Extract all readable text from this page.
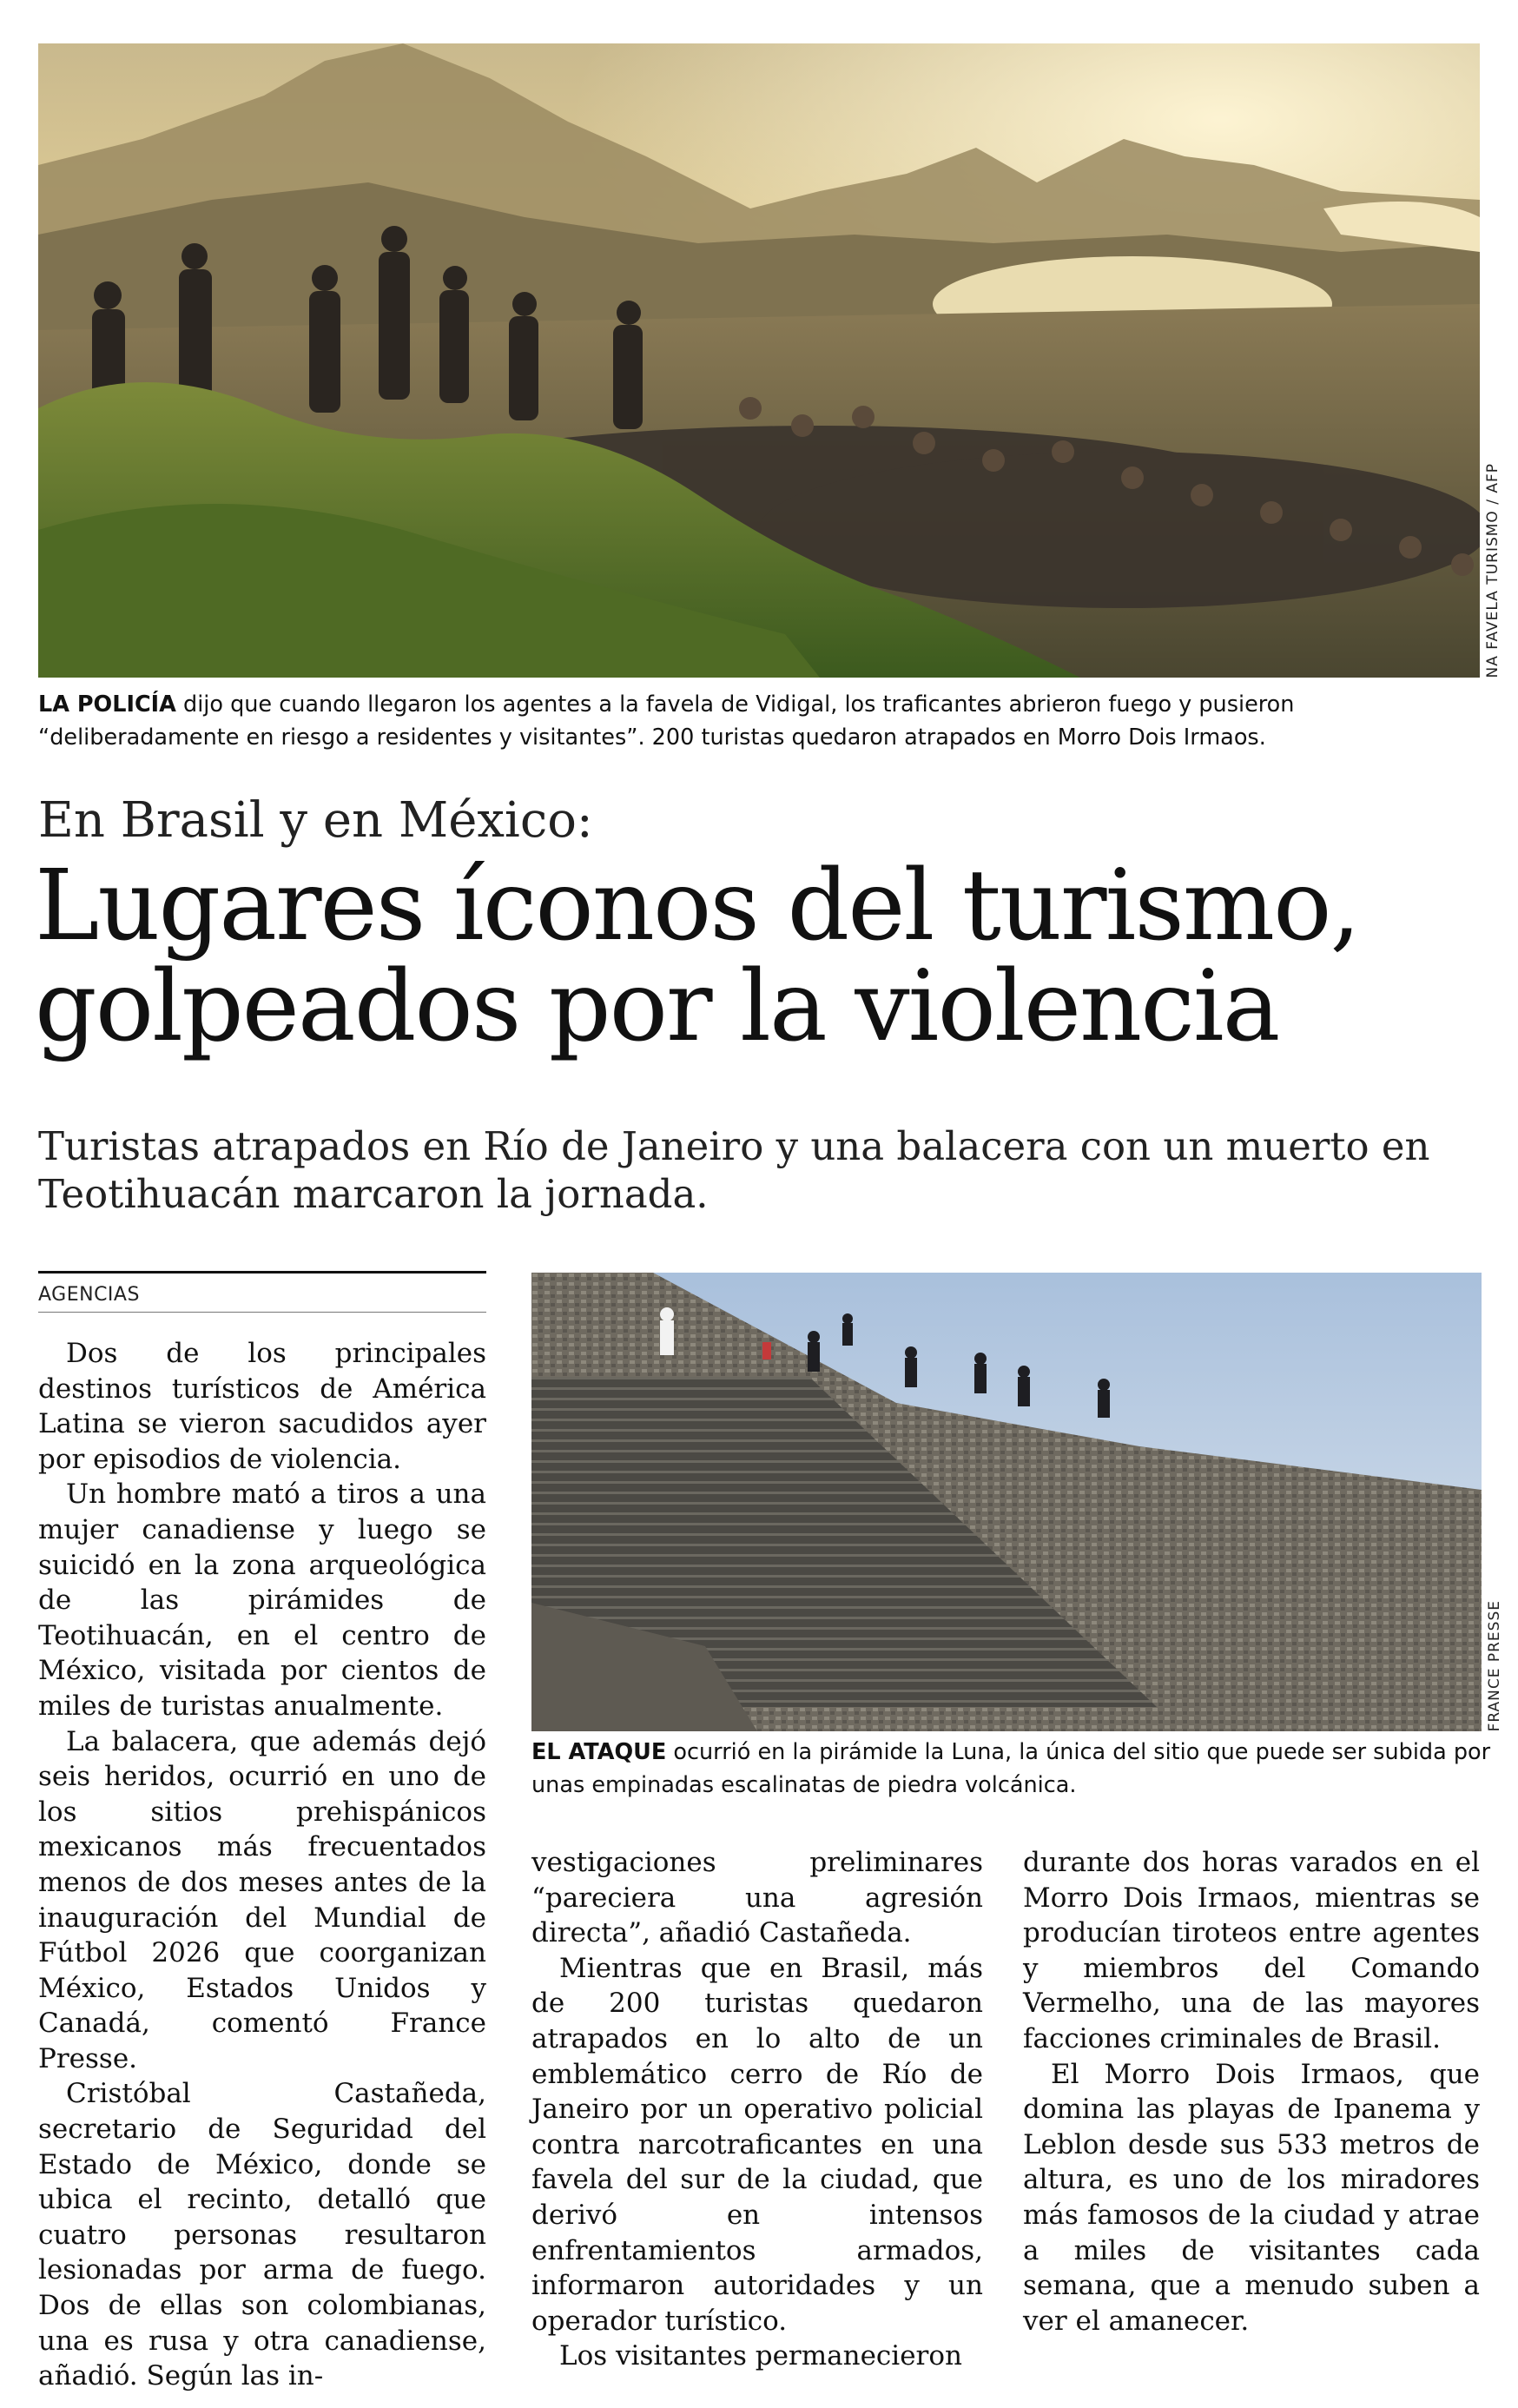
NA FAVELA TURISMO / AFP
LA POLICÍA dijo que cuando llegaron los agentes a la favela de Vidigal, los traficantes abrieron fuego y pusieron “deliberadamente en riesgo a residentes y visitantes”. 200 turistas quedaron atrapados en Morro Dois Irmaos.
En Brasil y en México:
Lugares íconos del turismo, golpeados por la violencia
Turistas atrapados en Río de Janeiro y una balacera con un muerto en Teotihuacán marcaron la jornada.
AGENCIAS
FRANCE PRESSE
EL ATAQUE ocurrió en la pirámide la Luna, la única del sitio que puede ser subida por unas empinadas escalinatas de piedra volcánica.

Dos de los principales destinos turísticos de América Latina se vieron sacudidos ayer por episodios de violencia.

Un hombre mató a tiros a una mujer canadiense y luego se suicidó en la zona arqueológica de las pirámides de Teotihuacán, en el centro de México, visitada por cientos de miles de turistas anualmente.

La balacera, que además dejó seis heridos, ocurrió en uno de los sitios prehispánicos mexicanos más frecuentados menos de dos meses antes de la inauguración del Mundial de Fútbol 2026 que coorganizan México, Estados Unidos y Canadá, comentó France Presse.

Cristóbal Castañeda, secretario de Seguridad del Estado de México, donde se ubica el recinto, detalló que cuatro personas resultaron lesionadas por arma de fuego. Dos de ellas son colombianas, una es rusa y otra canadiense, añadió. Según las in-

vestigaciones preliminares “pareciera una agresión directa”, añadió Castañeda.

Mientras que en Brasil, más de 200 turistas quedaron atrapados en lo alto de un emblemático cerro de Río de Janeiro por un operativo policial contra narcotraficantes en una favela del sur de la ciudad, que derivó en intensos enfrentamientos armados, informaron autoridades y un operador turístico.

Los visitantes permanecieron

durante dos horas varados en el Morro Dois Irmaos, mientras se producían tiroteos entre agentes y miembros del Comando Vermelho, una de las mayores facciones criminales de Brasil.

El Morro Dois Irmaos, que domina las playas de Ipanema y Leblon desde sus 533 metros de altura, es uno de los miradores más famosos de la ciudad y atrae a miles de visitantes cada semana, que a menudo suben a ver el amanecer.
